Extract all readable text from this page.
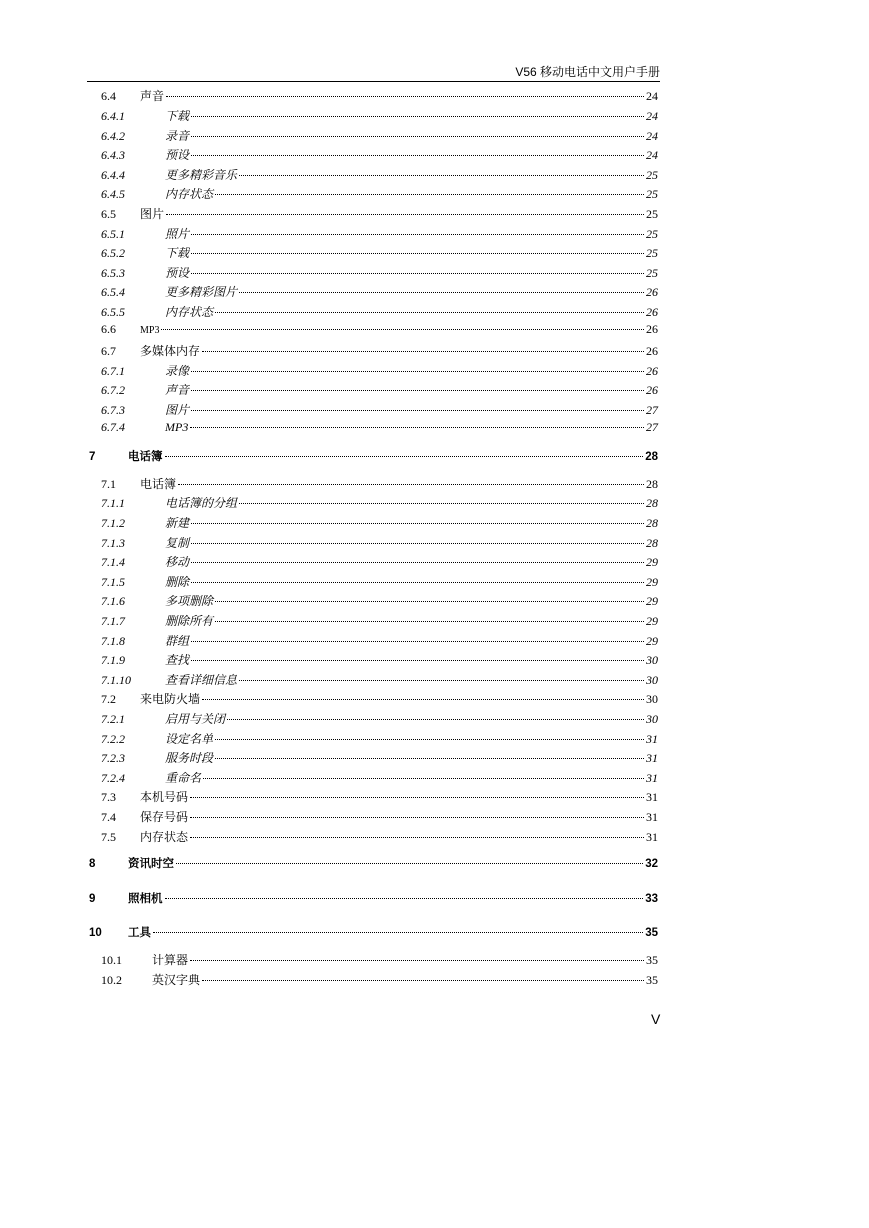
V56 移动电话中文用户手册
6.4	声音	24
6.4.1	下载	24
6.4.2	录音	24
6.4.3	预设	24
6.4.4	更多精彩音乐	25
6.4.5	内存状态	25
6.5	图片	25
6.5.1	照片	25
6.5.2	下载	25
6.5.3	预设	25
6.5.4	更多精彩图片	26
6.5.5	内存状态	26
6.6	MP3	26
6.7	多媒体内存	26
6.7.1	录像	26
6.7.2	声音	26
6.7.3	图片	27
6.7.4	MP3	27
7	电话簿	28
7.1	电话簿	28
7.1.1	电话簿的分组	28
7.1.2	新建	28
7.1.3	复制	28
7.1.4	移动	29
7.1.5	删除	29
7.1.6	多项删除	29
7.1.7	删除所有	29
7.1.8	群组	29
7.1.9	查找	30
7.1.10	查看详细信息	30
7.2	来电防火墙	30
7.2.1	启用与关闭	30
7.2.2	设定名单	31
7.2.3	服务时段	31
7.2.4	重命名	31
7.3	本机号码	31
7.4	保存号码	31
7.5	内存状态	31
8	资讯时空	32
9	照相机	33
10	工具	35
10.1	计算器	35
10.2	英汉字典	35
V
